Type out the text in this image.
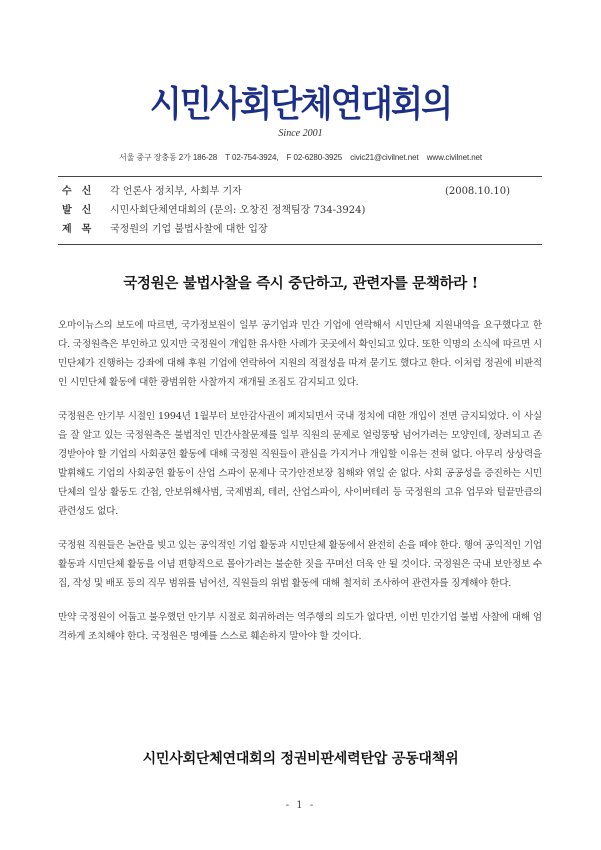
시민사회단체연대회의
Since 2001
서울 중구 장충동 2가 186-28 T 02-754-3924, F 02-6280-3925 civic21@civilnet.net www.civilnet.net
수신 각 언론사 정치부, 사회부 기자	(2008.10.10)
발신 시민사회단체연대회의 (문의: 오창진 정책팀장 734-3924)
제목 국정원의 기업 불법사찰에 대한 입장
국정원은 불법사찰을 즉시 중단하고, 관련자를 문책하라 !

오마이뉴스의 보도에 따르면, 국가정보원이 일부 공기업과 민간 기업에 연락해서 시민단체 지원내역을 요구했다고 한다. 국정원측은 부인하고 있지만 국정원이 개입한 유사한 사례가 곳곳에서 확인되고 있다. 또한 익명의 소식에 따르면 시민단체가 진행하는 강좌에 대해 후원 기업에 연락하여 지원의 적절성을 따져 묻기도 했다고 한다. 이처럼 정권에 비판적인 시민단체 활동에 대한 광범위한 사찰까지 재개될 조짐도 감지되고 있다.

국정원은 안기부 시절인 1994년 1월부터 보안감사권이 폐지되면서 국내 정치에 대한 개입이 전면 금지되었다. 이 사실을 잘 알고 있는 국정원측은 불법적인 민간사찰문제를 일부 직원의 문제로 얼렁뚱땅 넘어가려는 모양인데, 장려되고 존경받아야 할 기업의 사회공헌 활동에 대해 국정원 직원들이 관심을 가지거나 개입할 이유는 전혀 없다. 아무리 상상력을 발휘해도 기업의 사회공헌 활동이 산업 스파이 문제나 국가안전보장 침해와 엮일 순 없다. 사회 공공성을 증진하는 시민단체의 일상 활동도 간첩, 안보위해사범, 국제범죄, 테러, 산업스파이, 사이버테러 등 국정원의 고유 업무와 털끝만큼의 관련성도 없다.

국정원 직원들은 논란을 빚고 있는 공익적인 기업 활동과 시민단체 활동에서 완전히 손을 떼야 한다. 행여 공익적인 기업 활동과 시민단체 활동을 이념 편향적으로 몰아가려는 불순한 짓을 꾸며선 더욱 안 될 것이다. 국정원은 국내 보안정보 수집, 작성 및 배포 등의 직무 범위를 넘어선, 직원들의 위법 활동에 대해 철저히 조사하여 관련자를 징계해야 한다.

만약 국정원이 어둡고 불우했던 안기부 시절로 회귀하려는 역주행의 의도가 없다면, 이번 민간기업 불법 사찰에 대해 엄격하게 조치해야 한다. 국정원은 명예를 스스로 훼손하지 말아야 할 것이다.

시민사회단체연대회의 정권비판세력탄압 공동대책위
- 1 -
